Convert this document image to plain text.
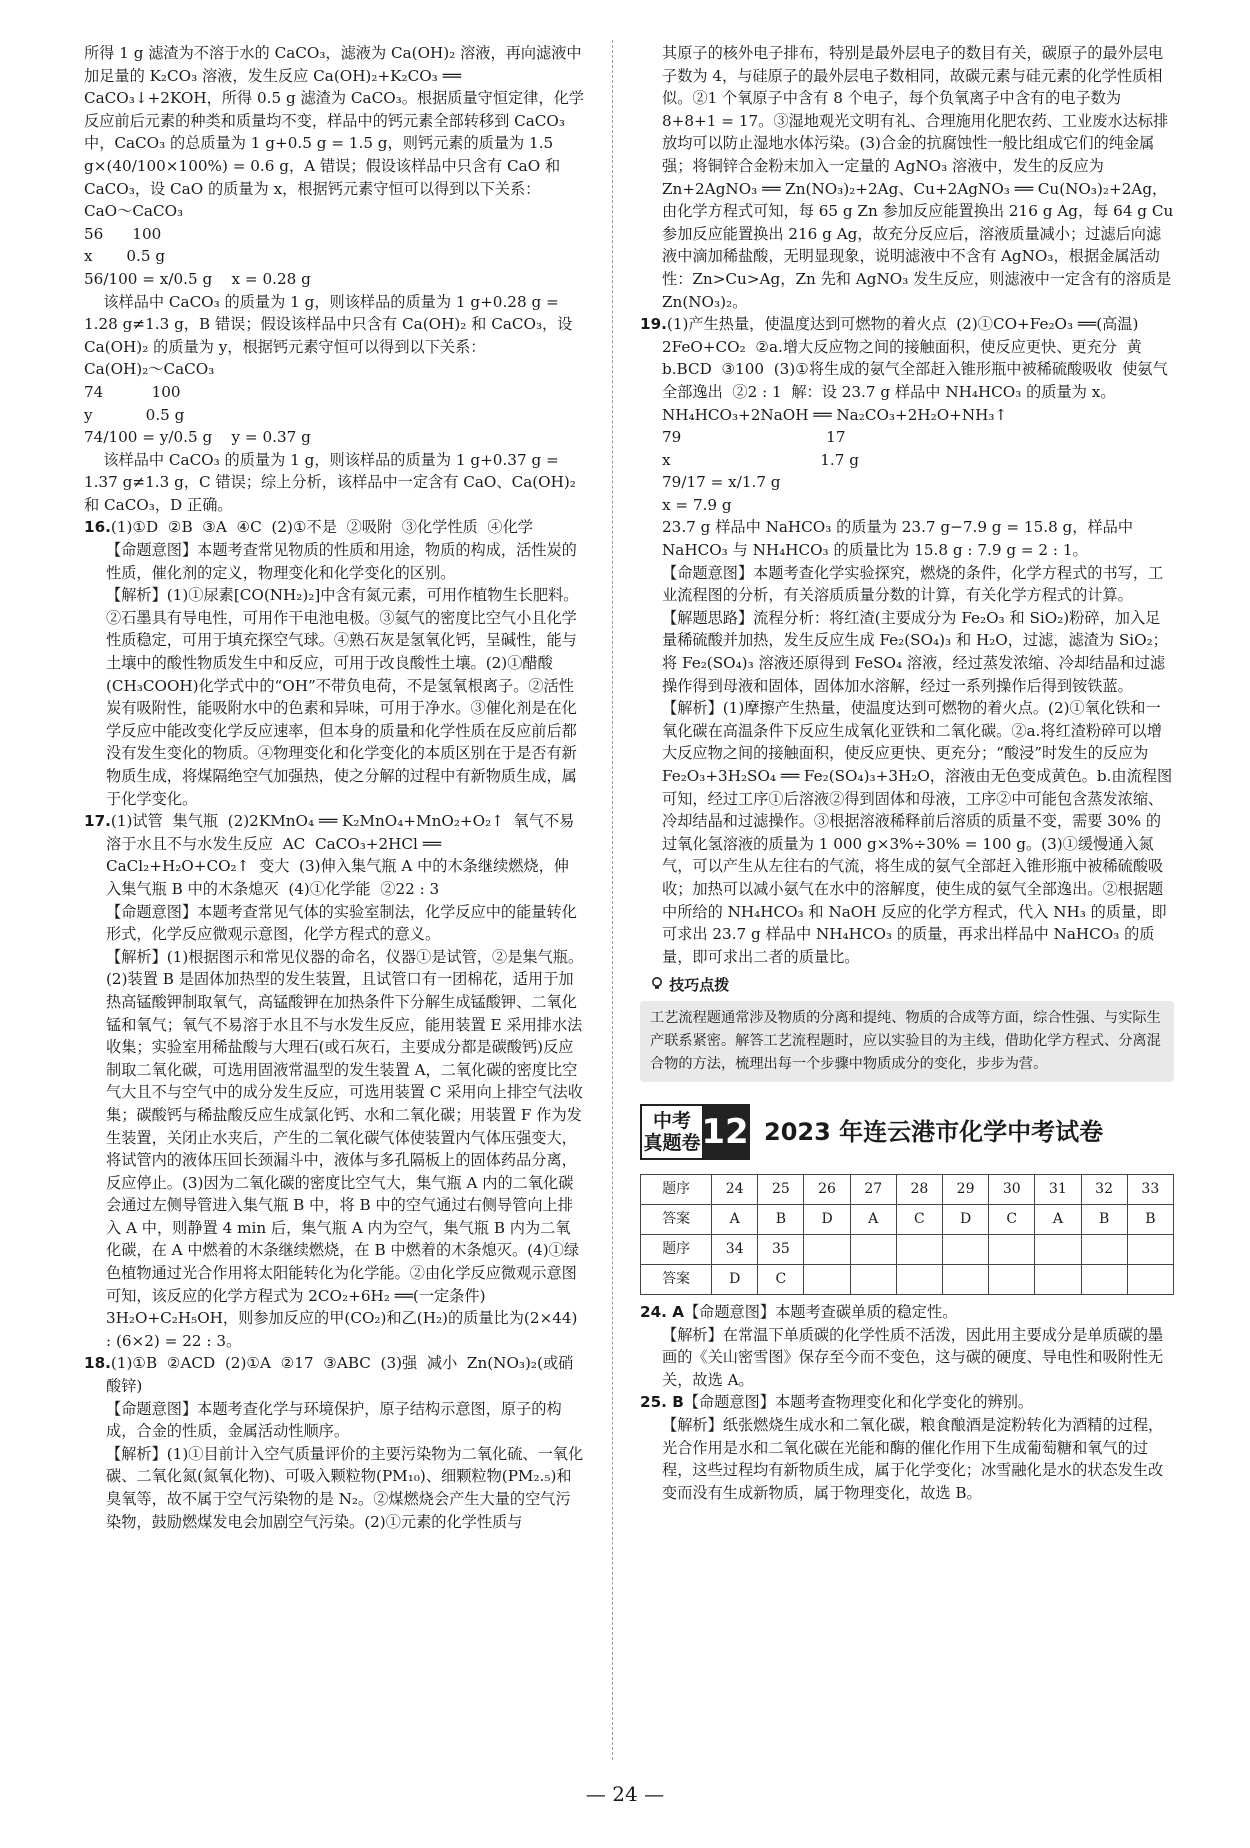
所得 1 g 滤渣为不溶于水的 CaCO₃，滤液为 Ca(OH)₂ 溶液，再向滤液中加足量的 K₂CO₃ 溶液，发生反应 Ca(OH)₂+K₂CO₃ ══ CaCO₃↓+2KOH，所得 0.5 g 滤渣为 CaCO₃。根据质量守恒定律，化学反应前后元素的种类和质量均不变，样品中的钙元素全部转移到 CaCO₃ 中，CaCO₃ 的总质量为 1 g+0.5 g = 1.5 g，则钙元素的质量为 1.5 g×(40/100×100%) = 0.6 g，A 错误；假设该样品中只含有 CaO 和 CaCO₃，设 CaO 的质量为 x，根据钙元素守恒可以得到以下关系：
CaO～CaCO₃
56      100
x       0.5 g
56/100 = x/0.5 g    x = 0.28 g
该样品中 CaCO₃ 的质量为 1 g，则该样品的质量为 1 g+0.28 g = 1.28 g≠1.3 g，B 错误；假设该样品中只含有 Ca(OH)₂ 和 CaCO₃，设 Ca(OH)₂ 的质量为 y，根据钙元素守恒可以得到以下关系：
Ca(OH)₂～CaCO₃
74          100
y           0.5 g
74/100 = y/0.5 g    y = 0.37 g
该样品中 CaCO₃ 的质量为 1 g，则该样品的质量为 1 g+0.37 g = 1.37 g≠1.3 g，C 错误；综上分析，该样品中一定含有 CaO、Ca(OH)₂和 CaCO₃，D 正确。
16.(1)①D  ②B  ③A  ④C  (2)①不是  ②吸附  ③化学性质  ④化学
【命题意图】本题考查常见物质的性质和用途，物质的构成，活性炭的性质，催化剂的定义，物理变化和化学变化的区别。
【解析】(1)①尿素[CO(NH₂)₂]中含有氮元素，可用作植物生长肥料。②石墨具有导电性，可用作干电池电极。③氦气的密度比空气小且化学性质稳定，可用于填充探空气球。④熟石灰是氢氧化钙，呈碱性，能与土壤中的酸性物质发生中和反应，可用于改良酸性土壤。(2)①醋酸(CH₃COOH)化学式中的“OH”不带负电荷，不是氢氧根离子。②活性炭有吸附性，能吸附水中的色素和异味，可用于净水。③催化剂是在化学反应中能改变化学反应速率，但本身的质量和化学性质在反应前后都没有发生变化的物质。④物理变化和化学变化的本质区别在于是否有新物质生成，将煤隔绝空气加强热，使之分解的过程中有新物质生成，属于化学变化。
17.(1)试管  集气瓶  (2)2KMnO₄ ══ K₂MnO₄+MnO₂+O₂↑  氧气不易溶于水且不与水发生反应  AC  CaCO₃+2HCl ══ CaCl₂+H₂O+CO₂↑  变大  (3)伸入集气瓶 A 中的木条继续燃烧，伸入集气瓶 B 中的木条熄灭  (4)①化学能  ②22 : 3
【命题意图】本题考查常见气体的实验室制法，化学反应中的能量转化形式，化学反应微观示意图，化学方程式的意义。
【解析】(1)根据图示和常见仪器的命名，仪器①是试管，②是集气瓶。(2)装置 B 是固体加热型的发生装置，且试管口有一团棉花，适用于加热高锰酸钾制取氧气，高锰酸钾在加热条件下分解生成锰酸钾、二氧化锰和氧气；氧气不易溶于水且不与水发生反应，能用装置 E 采用排水法收集；实验室用稀盐酸与大理石(或石灰石，主要成分都是碳酸钙)反应制取二氧化碳，可选用固液常温型的发生装置 A，二氧化碳的密度比空气大且不与空气中的成分发生反应，可选用装置 C 采用向上排空气法收集；碳酸钙与稀盐酸反应生成氯化钙、水和二氧化碳；用装置 F 作为发生装置，关闭止水夹后，产生的二氧化碳气体使装置内气体压强变大，将试管内的液体压回长颈漏斗中，液体与多孔隔板上的固体药品分离，反应停止。(3)因为二氧化碳的密度比空气大，集气瓶 A 内的二氧化碳会通过左侧导管进入集气瓶 B 中，将 B 中的空气通过右侧导管向上排入 A 中，则静置 4 min 后，集气瓶 A 内为空气，集气瓶 B 内为二氧化碳，在 A 中燃着的木条继续燃烧，在 B 中燃着的木条熄灭。(4)①绿色植物通过光合作用将太阳能转化为化学能。②由化学反应微观示意图可知，该反应的化学方程式为 2CO₂+6H₂ ══(一定条件) 3H₂O+C₂H₅OH，则参加反应的甲(CO₂)和乙(H₂)的质量比为(2×44) : (6×2) = 22 : 3。
18.(1)①B  ②ACD  (2)①A  ②17  ③ABC  (3)强  减小  Zn(NO₃)₂(或硝酸锌)
【命题意图】本题考查化学与环境保护，原子结构示意图，原子的构成，合金的性质，金属活动性顺序。
【解析】(1)①目前计入空气质量评价的主要污染物为二氧化硫、一氧化碳、二氧化氮(氮氧化物)、可吸入颗粒物(PM₁₀)、细颗粒物(PM₂.₅)和臭氧等，故不属于空气污染物的是 N₂。②煤燃烧会产生大量的空气污染物，鼓励燃煤发电会加剧空气污染。(2)①元素的化学性质与
其原子的核外电子排布，特别是最外层电子的数目有关，碳原子的最外层电子数为 4，与硅原子的最外层电子数相同，故碳元素与硅元素的化学性质相似。②1 个氧原子中含有 8 个电子，每个负氧离子中含有的电子数为 8+8+1 = 17。③湿地观光文明有礼、合理施用化肥农药、工业废水达标排放均可以防止湿地水体污染。(3)合金的抗腐蚀性一般比组成它们的纯金属强；将铜锌合金粉末加入一定量的 AgNO₃ 溶液中，发生的反应为 Zn+2AgNO₃ ══ Zn(NO₃)₂+2Ag、Cu+2AgNO₃ ══ Cu(NO₃)₂+2Ag，由化学方程式可知，每 65 g Zn 参加反应能置换出 216 g Ag，每 64 g Cu 参加反应能置换出 216 g Ag，故充分反应后，溶液质量减小；过滤后向滤液中滴加稀盐酸，无明显现象，说明滤液中不含有 AgNO₃，根据金属活动性：Zn>Cu>Ag，Zn 先和 AgNO₃ 发生反应，则滤液中一定含有的溶质是 Zn(NO₃)₂。
19.(1)产生热量，使温度达到可燃物的着火点  (2)①CO+Fe₂O₃ ══(高温) 2FeO+CO₂  ②a.增大反应物之间的接触面积，使反应更快、更充分  黄  b.BCD  ③100  (3)①将生成的氨气全部赶入锥形瓶中被稀硫酸吸收  使氨气全部逸出  ②2 : 1  解：设 23.7 g 样品中 NH₄HCO₃ 的质量为 x。
NH₄HCO₃+2NaOH ══ Na₂CO₃+2H₂O+NH₃↑
79                              17
x                               1.7 g
79/17 = x/1.7 g
x = 7.9 g
23.7 g 样品中 NaHCO₃ 的质量为 23.7 g−7.9 g = 15.8 g，样品中 NaHCO₃ 与 NH₄HCO₃ 的质量比为 15.8 g : 7.9 g = 2 : 1。
【命题意图】本题考查化学实验探究，燃烧的条件，化学方程式的书写，工业流程图的分析，有关溶质质量分数的计算，有关化学方程式的计算。
【解题思路】流程分析：将红渣(主要成分为 Fe₂O₃ 和 SiO₂)粉碎，加入足量稀硫酸并加热，发生反应生成 Fe₂(SO₄)₃ 和 H₂O，过滤，滤渣为 SiO₂；将 Fe₂(SO₄)₃ 溶液还原得到 FeSO₄ 溶液，经过蒸发浓缩、冷却结晶和过滤操作得到母液和固体，固体加水溶解，经过一系列操作后得到铵铁蓝。
【解析】(1)摩擦产生热量，使温度达到可燃物的着火点。(2)①氧化铁和一氧化碳在高温条件下反应生成氧化亚铁和二氧化碳。②a.将红渣粉碎可以增大反应物之间的接触面积，使反应更快、更充分；“酸浸”时发生的反应为 Fe₂O₃+3H₂SO₄ ══ Fe₂(SO₄)₃+3H₂O，溶液由无色变成黄色。b.由流程图可知，经过工序①后溶液②得到固体和母液，工序②中可能包含蒸发浓缩、冷却结晶和过滤操作。③根据溶液稀释前后溶质的质量不变，需要 30% 的过氧化氢溶液的质量为 1 000 g×3%÷30% = 100 g。(3)①缓慢通入氮气，可以产生从左往右的气流，将生成的氨气全部赶入锥形瓶中被稀硫酸吸收；加热可以减小氨气在水中的溶解度，使生成的氨气全部逸出。②根据题中所给的 NH₄HCO₃ 和 NaOH 反应的化学方程式，代入 NH₃ 的质量，即可求出 23.7 g 样品中 NH₄HCO₃ 的质量，再求出样品中 NaHCO₃ 的质量，即可求出二者的质量比。
技巧点拨
工艺流程题通常涉及物质的分离和提纯、物质的合成等方面，综合性强、与实际生产联系紧密。解答工艺流程题时，应以实验目的为主线，借助化学方程式、分离混合物的方法，梳理出每一个步骤中物质成分的变化，步步为营。
中考
真题卷 12 2023 年连云港市化学中考试卷
题序	24	25	26	27	28	29	30	31	32	33
答案	A	B	D	A	C	D	C	A	B	B
题序	34	35								
答案	D	C								
24. A【命题意图】本题考查碳单质的稳定性。
【解析】在常温下单质碳的化学性质不活泼，因此用主要成分是单质碳的墨画的《关山密雪图》保存至今而不变色，这与碳的硬度、导电性和吸附性无关，故选 A。
25. B【命题意图】本题考查物理变化和化学变化的辨别。
【解析】纸张燃烧生成水和二氧化碳，粮食酿酒是淀粉转化为酒精的过程，光合作用是水和二氧化碳在光能和酶的催化作用下生成葡萄糖和氧气的过程，这些过程均有新物质生成，属于化学变化；冰雪融化是水的状态发生改变而没有生成新物质，属于物理变化，故选 B。
— 24 —
